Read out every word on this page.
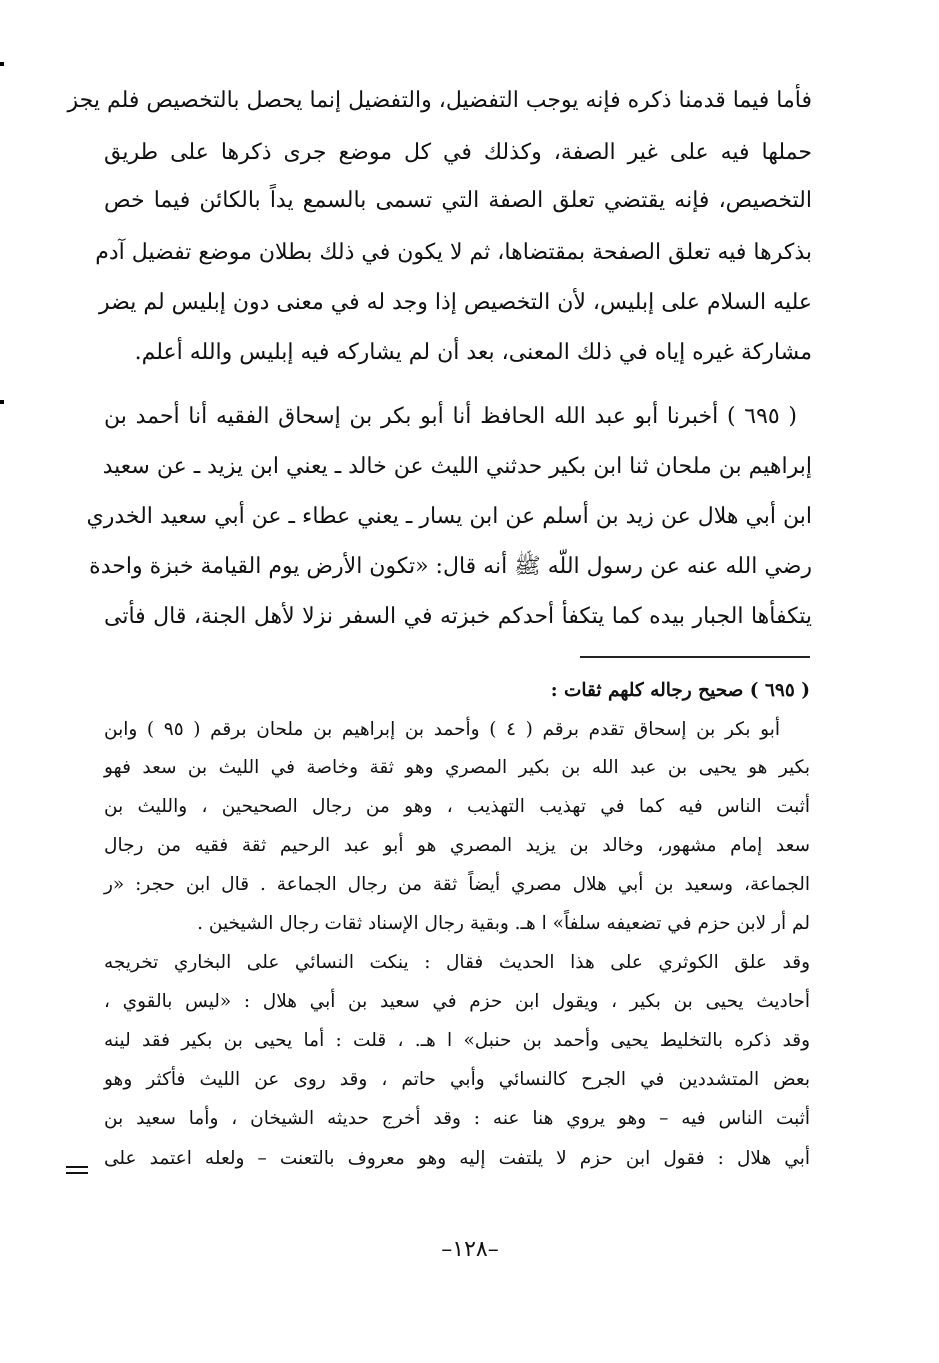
فأما فيما قدمنا ذكره فإنه يوجب التفضيل، والتفضيل إنما يحصل بالتخصيص فلم يجز
حملها فيه على غير الصفة، وكذلك في كل موضع جرى ذكرها على طريق
التخصيص، فإنه يقتضي تعلق الصفة التي تسمى بالسمع يداً بالكائن فيما خص
بذكرها فيه تعلق الصفحة بمقتضاها، ثم لا يكون في ذلك بطلان موضع تفضيل آدم
عليه السلام على إبليس، لأن التخصيص إذا وجد له في معنى دون إبليس لم يضر
مشاركة غيره إياه في ذلك المعنى، بعد أن لم يشاركه فيه إبليس والله أعلم.
( ٦٩٥ ) أخبرنا أبو عبد الله الحافظ أنا أبو بكر بن إسحاق الفقيه أنا أحمد بن
إبراهيم بن ملحان ثنا ابن بكير حدثني الليث عن خالد ـ يعني ابن يزيد ـ عن سعيد
ابن أبي هلال عن زيد بن أسلم عن ابن يسار ـ يعني عطاء ـ عن أبي سعيد الخدري
رضي الله عنه عن رسول اللّه ﷺ أنه قال: «تكون الأرض يوم القيامة خبزة واحدة
يتكفأها الجبار بيده كما يتكفأ أحدكم خبزته في السفر نزلا لأهل الجنة، قال فأتى
( ٦٩٥ ) صحيح رجاله كلهم ثقات :
أبو بكر بن إسحاق تقدم برقم ( ٤ ) وأحمد بن إبراهيم بن ملحان برقم ( ٩٥ ) وابن
بكير هو يحيى بن عبد الله بن بكير المصري وهو ثقة وخاصة في الليث بن سعد فهو
أثبت الناس فيه كما في تهذيب التهذيب ، وهو من رجال الصحيحين ، والليث بن
سعد إمام مشهور، وخالد بن يزيد المصري هو أبو عبد الرحيم ثقة فقيه من رجال
الجماعة، وسعيد بن أبي هلال مصري أيضاً ثقة من رجال الجماعة . قال ابن حجر: «ر
لم أر لابن حزم في تضعيفه سلفاً» ا هـ. وبقية رجال الإسناد ثقات رجال الشيخين .
وقد علق الكوثري على هذا الحديث فقال : ينكت النسائي على البخاري تخريجه
أحاديث يحيى بن بكير ، ويقول ابن حزم في سعيد بن أبي هلال : «ليس بالقوي ،
وقد ذكره بالتخليط يحيى وأحمد بن حنبل» ا هـ. ، قلت : أما يحيى بن بكير فقد لينه
بعض المتشددين في الجرح كالنسائي وأبي حاتم ، وقد روى عن الليث فأكثر وهو
أثبت الناس فيه – وهو يروي هنا عنه : وقد أخرج حديثه الشيخان ، وأما سعيد بن
أبي هلال : فقول ابن حزم لا يلتفت إليه وهو معروف بالتعنت – ولعله اعتمد على
–١٢٨–
